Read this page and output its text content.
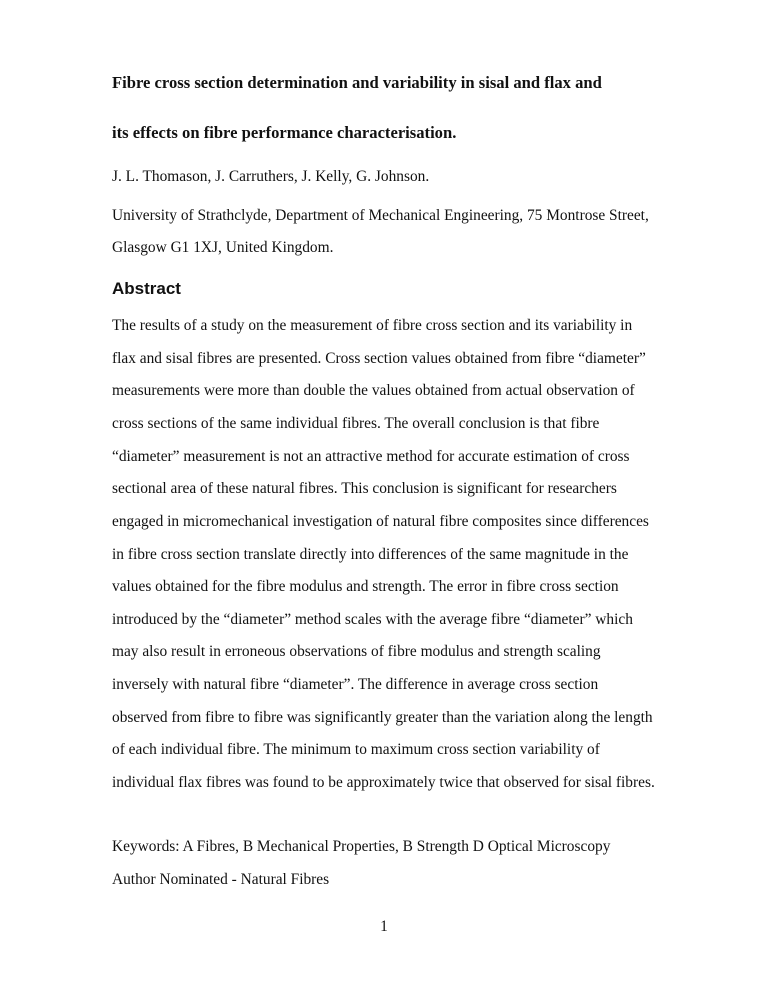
Fibre cross section determination and variability in sisal and flax and
its effects on fibre performance characterisation.
J. L. Thomason, J. Carruthers, J. Kelly, G. Johnson.
University of Strathclyde, Department of Mechanical Engineering, 75 Montrose Street,
Glasgow G1 1XJ, United Kingdom.
Abstract
The results of a study on the measurement of fibre cross section and its variability in
flax and sisal fibres are presented. Cross section values obtained from fibre “diameter”
measurements were more than double the values obtained from actual observation of
cross sections of the same individual fibres. The overall conclusion is that fibre
“diameter” measurement is not an attractive method for accurate estimation of cross
sectional area of these natural fibres. This conclusion is significant for researchers
engaged in micromechanical investigation of natural fibre composites since differences
in fibre cross section translate directly into differences of the same magnitude in the
values obtained for the fibre modulus and strength. The error in fibre cross section
introduced by the “diameter” method scales with the average fibre “diameter” which
may also result in erroneous observations of fibre modulus and strength scaling
inversely with natural fibre “diameter”. The difference in average cross section
observed from fibre to fibre was significantly greater than the variation along the length
of each individual fibre. The minimum to maximum cross section variability of
individual flax fibres was found to be approximately twice that observed for sisal fibres.
Keywords: A Fibres, B Mechanical Properties, B Strength D Optical Microscopy
Author Nominated - Natural Fibres
1
